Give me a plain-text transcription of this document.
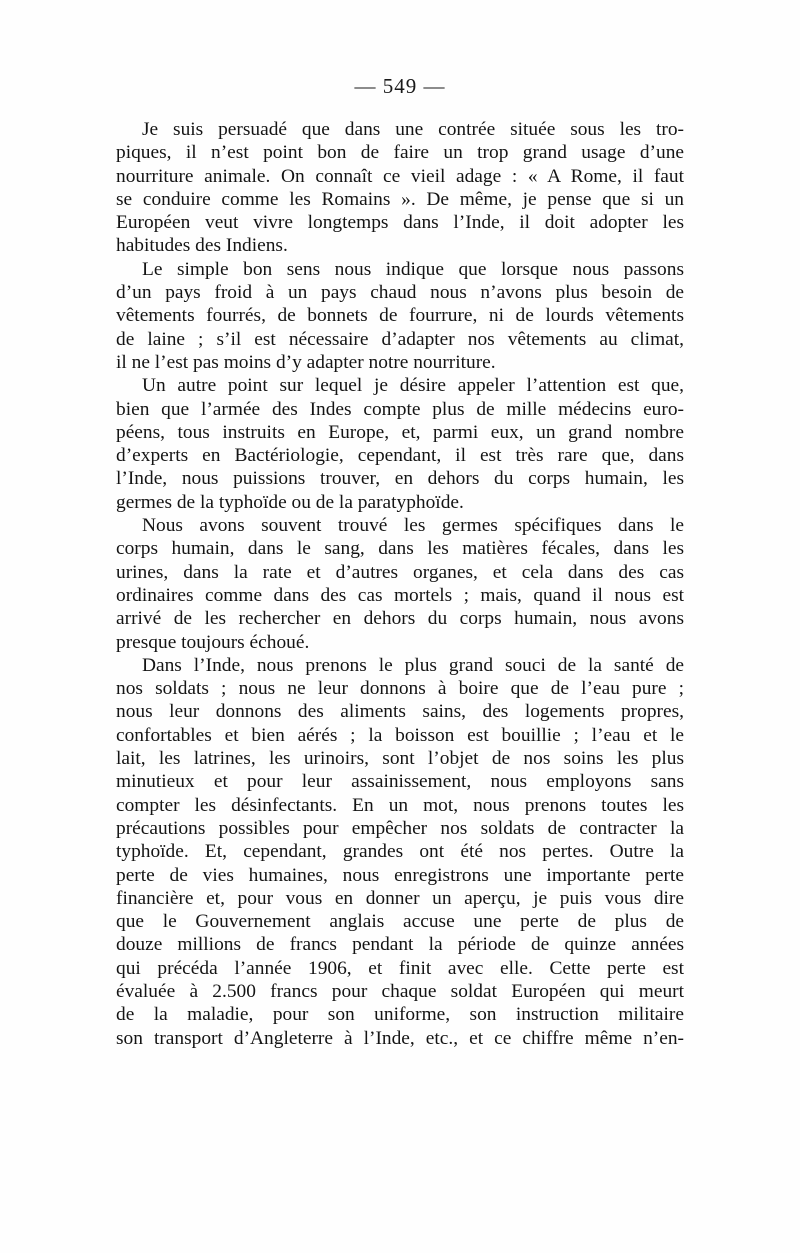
— 549 —
Je suis persuadé que dans une contrée située sous les tro-
piques, il n’est point bon de faire un trop grand usage d’une
nourriture animale. On connaît ce vieil adage : « A Rome, il faut
se conduire comme les Romains ». De même, je pense que si un
Européen veut vivre longtemps dans l’Inde, il doit adopter les
habitudes des Indiens.
Le simple bon sens nous indique que lorsque nous passons
d’un pays froid à un pays chaud nous n’avons plus besoin de
vêtements fourrés, de bonnets de fourrure, ni de lourds vêtements
de laine ; s’il est nécessaire d’adapter nos vêtements au climat,
il ne l’est pas moins d’y adapter notre nourriture.
Un autre point sur lequel je désire appeler l’attention est que,
bien que l’armée des Indes compte plus de mille médecins euro-
péens, tous instruits en Europe, et, parmi eux, un grand nombre
d’experts en Bactériologie, cependant, il est très rare que, dans
l’Inde, nous puissions trouver, en dehors du corps humain, les
germes de la typhoïde ou de la paratyphoïde.
Nous avons souvent trouvé les germes spécifiques dans le
corps humain, dans le sang, dans les matières fécales, dans les
urines, dans la rate et d’autres organes, et cela dans des cas
ordinaires comme dans des cas mortels ; mais, quand il nous est
arrivé de les rechercher en dehors du corps humain, nous avons
presque toujours échoué.
Dans l’Inde, nous prenons le plus grand souci de la santé de
nos soldats ; nous ne leur donnons à boire que de l’eau pure ;
nous leur donnons des aliments sains, des logements propres,
confortables et bien aérés ; la boisson est bouillie ; l’eau et le
lait, les latrines, les urinoirs, sont l’objet de nos soins les plus
minutieux et pour leur assainissement, nous employons sans
compter les désinfectants. En un mot, nous prenons toutes les
précautions possibles pour empêcher nos soldats de contracter la
typhoïde. Et, cependant, grandes ont été nos pertes. Outre la
perte de vies humaines, nous enregistrons une importante perte
financière et, pour vous en donner un aperçu, je puis vous dire
que le Gouvernement anglais accuse une perte de plus de
douze millions de francs pendant la période de quinze années
qui précéda l’année 1906, et finit avec elle. Cette perte est
évaluée à 2.500 francs pour chaque soldat Européen qui meurt
de la maladie, pour son uniforme, son instruction militaire
son transport d’Angleterre à l’Inde, etc., et ce chiffre même n’en-
